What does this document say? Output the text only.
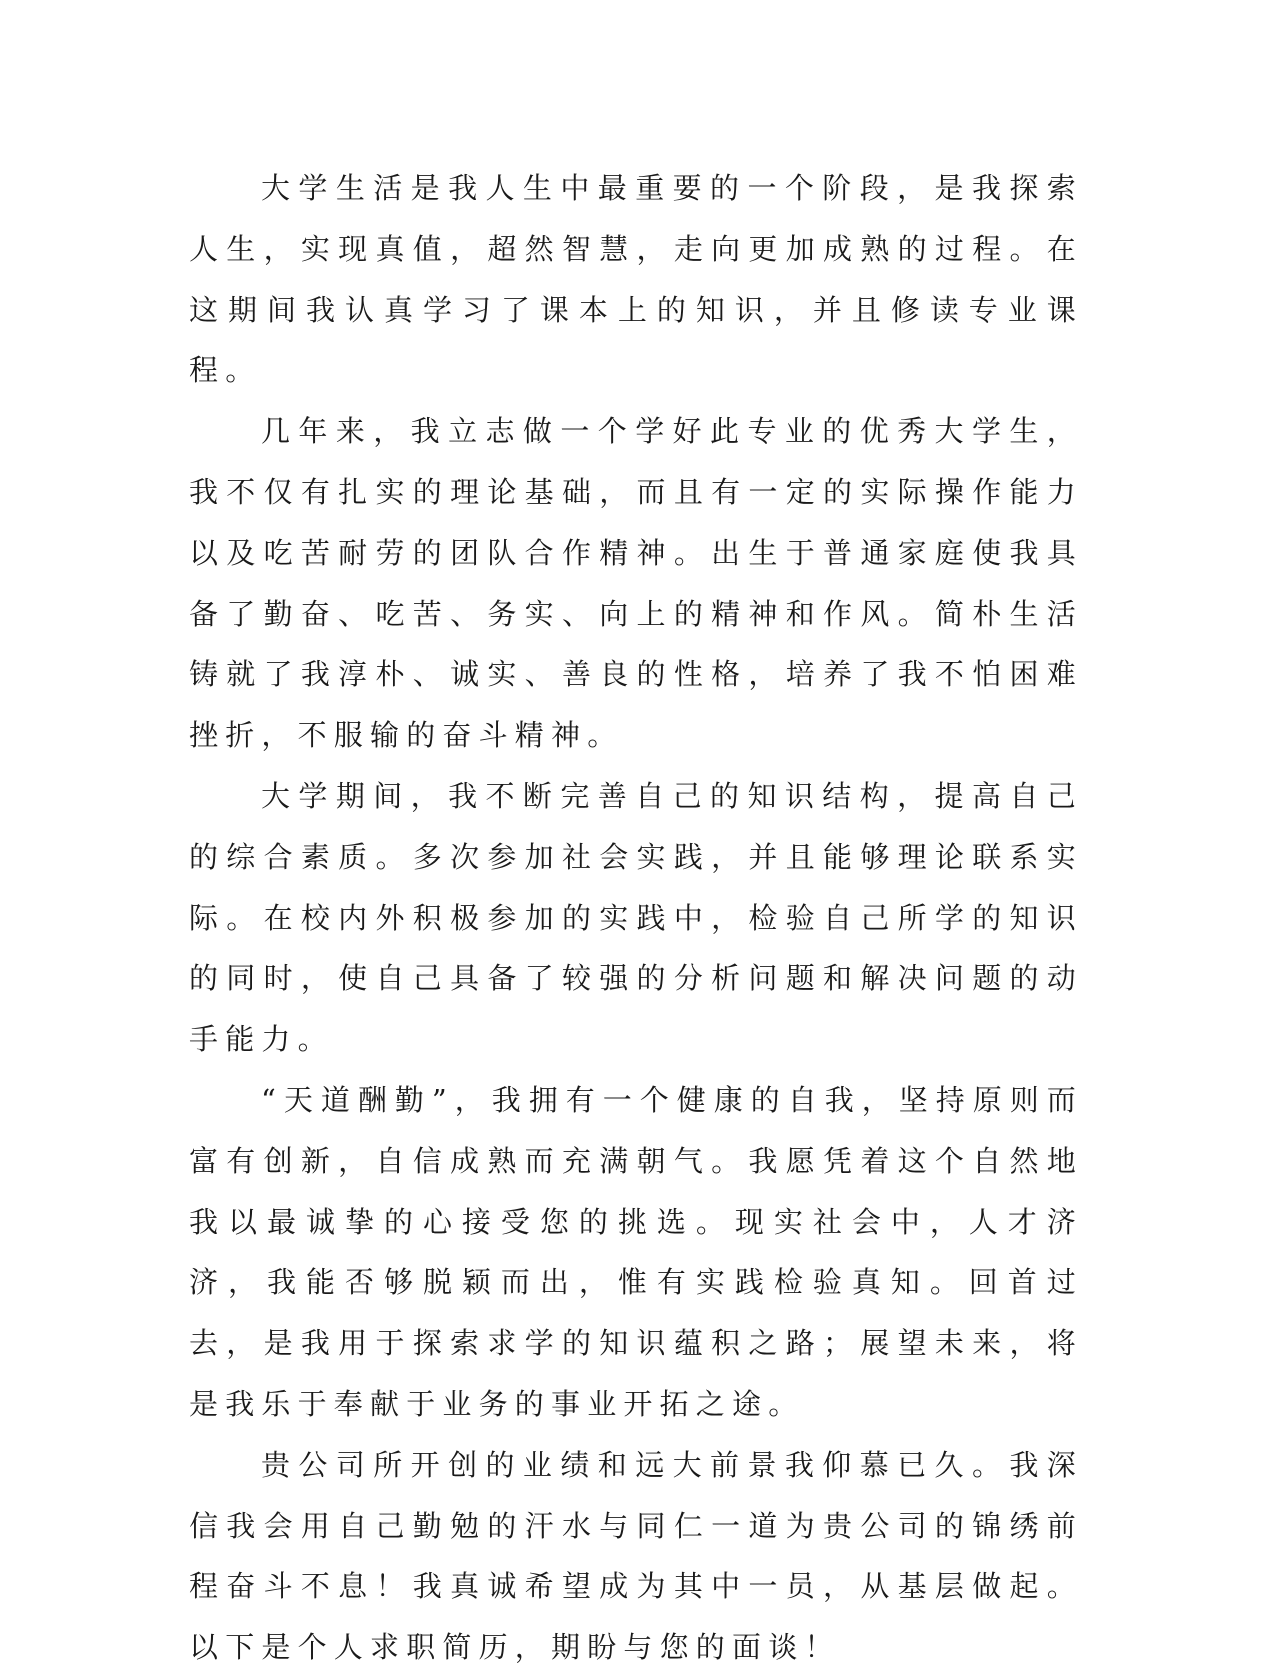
大学生活是我人生中最重要的一个阶段，是我探索人生，实现真值，超然智慧，走向更加成熟的过程。在这期间我认真学习了课本上的知识，并且修读专业课程。

几年来，我立志做一个学好此专业的优秀大学生，我不仅有扎实的理论基础，而且有一定的实际操作能力以及吃苦耐劳的团队合作精神。出生于普通家庭使我具备了勤奋、吃苦、务实、向上的精神和作风。简朴生活铸就了我淳朴、诚实、善良的性格，培养了我不怕困难挫折，不服输的奋斗精神。

大学期间，我不断完善自己的知识结构，提高自己的综合素质。多次参加社会实践，并且能够理论联系实际。在校内外积极参加的实践中，检验自己所学的知识的同时，使自己具备了较强的分析问题和解决问题的动手能力。

“天道酬勤”，我拥有一个健康的自我，坚持原则而富有创新，自信成熟而充满朝气。我愿凭着这个自然地我以最诚挚的心接受您的挑选。现实社会中，人才济济，我能否够脱颖而出，惟有实践检验真知。回首过去，是我用于探索求学的知识蕴积之路；展望未来，将是我乐于奉献于业务的事业开拓之途。

贵公司所开创的业绩和远大前景我仰慕已久。我深信我会用自己勤勉的汗水与同仁一道为贵公司的锦绣前程奋斗不息！我真诚希望成为其中一员，从基层做起。以下是个人求职简历，期盼与您的面谈！
